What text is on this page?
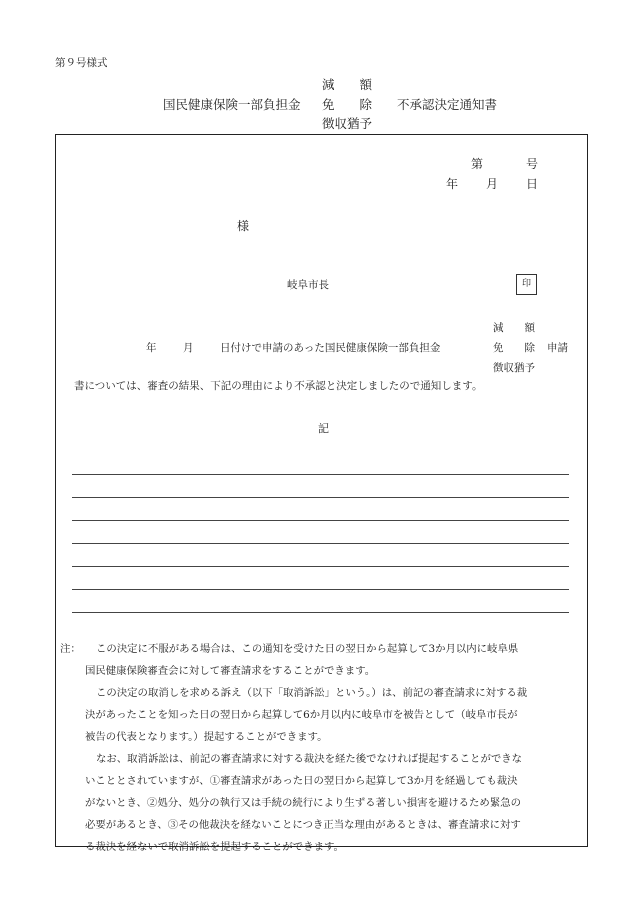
第９号様式
減　　額
国民健康保険一部負担金 免　　除 不承認決定通知書
徴収猶予
第	号
年 月 日
様
岐阜市長	印
減　　額
年	月	日付けで申請のあった国民健康保険一部負担金	免　　除 申請
徴収猶予
書については、審査の結果、下記の理由により不承認と決定しましたので通知します。
記
注： この決定に不服がある場合は、この通知を受けた日の翌日から起算して3か月以内に岐阜県
国民健康保険審査会に対して審査請求をすることができます。
この決定の取消しを求める訴え（以下「取消訴訟」という。）は、前記の審査請求に対する裁
決があったことを知った日の翌日から起算して6か月以内に岐阜市を被告として（岐阜市長が
被告の代表となります。）提起することができます。
なお、取消訴訟は、前記の審査請求に対する裁決を経た後でなければ提起することができな
いこととされていますが、①審査請求があった日の翌日から起算して3か月を経過しても裁決
がないとき、②処分、処分の執行又は手続の続行により生ずる著しい損害を避けるため緊急の
必要があるとき、③その他裁決を経ないことにつき正当な理由があるときは、審査請求に対す
る裁決を経ないで取消訴訟を提起することができます。
